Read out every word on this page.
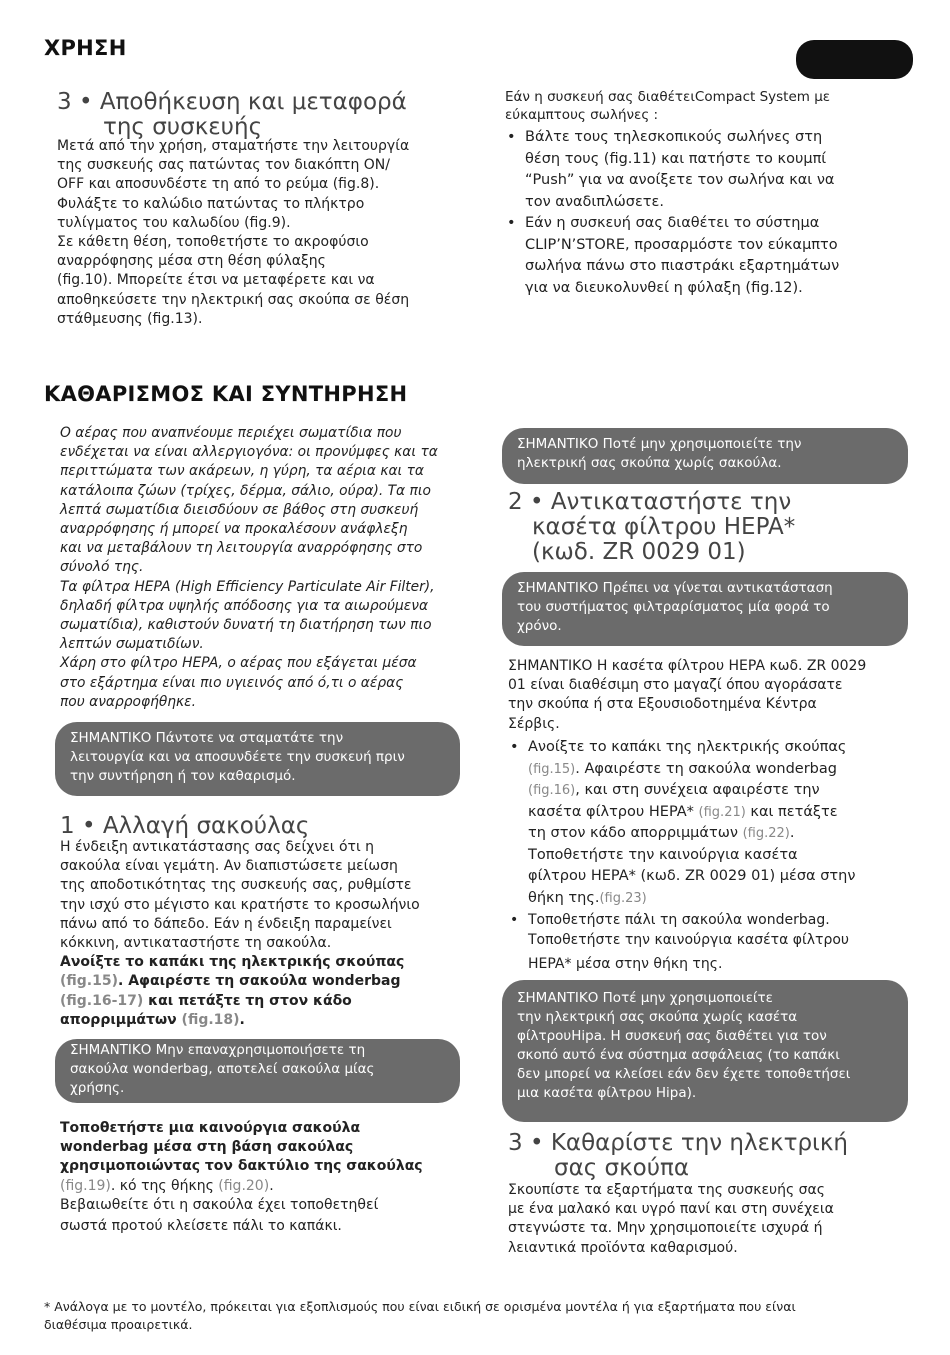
ΧΡΗΣΗ
3 • Αποθήκευση και μεταφορά
της συσκευής

Μετά από την χρήση, σταματήστε την λειτουργία

της συσκευής σας πατώντας τον διακόπτη ON/

OFF και αποσυνδέστε τη από το ρεύμα (fig.8).

Φυλάξτε το καλώδιο πατώντας το πλήκτρο

τυλίγματος του καλωδίου (fig.9).

Σε κάθετη θέση, τοποθετήστε το ακροφύσιο

αναρρόφησης μέσα στη θέση φύλαξης

(fig.10). Μπορείτε έτσι να μεταφέρετε και να

αποθηκεύσετε την ηλεκτρική σας σκούπα σε θέση

στάθμευσης (fig.13).

Εάν η συσκευή σας διαθέτειCompact System με

εύκαμπτους σωλήνες :

• Βάλτε τους τηλεσκοπικούς σωλήνες στη
θέση τους (fig.11) και πατήστε το κουμπί
“Push” για να ανοίξετε τον σωλήνα και να
τον αναδιπλώσετε.
• Εάν η συσκευή σας διαθέτει το σύστημα
CLIP’N’STORE, προσαρμόστε τον εύκαμπτο
σωλήνα πάνω στο πιαστράκι εξαρτημάτων
για να διευκολυνθεί η φύλαξη (fig.12).
ΚΑΘΑΡΙΣΜΟΣ ΚΑΙ ΣΥΝΤΗΡΗΣΗ

Ο αέρας που αναπνέουμε περιέχει σωματίδια που

ενδέχεται να είναι αλλεργιογόνα: οι προνύμφες και τα

περιττώματα των ακάρεων, η γύρη, τα αέρια και τα

κατάλοιπα ζώων (τρίχες, δέρμα, σάλιο, ούρα). Τα πιο

λεπτά σωματίδια διεισδύουν σε βάθος στη συσκευή

αναρρόφησης ή μπορεί να προκαλέσουν ανάφλεξη

και να μεταβάλουν τη λειτουργία αναρρόφησης στο

σύνολό της.

Τα φίλτρα HEPA (High Efficiency Particulate Air Filter),

δηλαδή φίλτρα υψηλής απόδοσης για τα αιωρούμενα

σωματίδια), καθιστούν δυνατή τη διατήρηση των πιο

λεπτών σωματιδίων.

Χάρη στο φίλτρο HEPA, ο αέρας που εξάγεται μέσα

στο εξάρτημα είναι πιο υγιεινός από ό,τι ο αέρας

που αναρροφήθηκε.

ΣΗΜΑΝΤΙΚΟ Πάντοτε να σταματάτε την
λειτουργία και να αποσυνδέετε την συσκευή πριν
την συντήρηση ή τον καθαρισμό.
1 • Αλλαγή σακούλας

Η ένδειξη αντικατάστασης σας δείχνει ότι η

σακούλα είναι γεμάτη. Αν διαπιστώσετε μείωση

της αποδοτικότητας της συσκευής σας, ρυθμίστε

την ισχύ στο μέγιστο και κρατήστε το κροσωλήνιο

πάνω από το δάπεδο. Εάν η ένδειξη παραμείνει

κόκκινη, αντικαταστήστε τη σακούλα.

Ανοίξτε το καπάκι της ηλεκτρικής σκούπας

(fig.15). Αφαιρέστε τη σακούλα wonderbag

(fig.16-17) και πετάξτε τη στον κάδο

απορριμμάτων (fig.18).

ΣΗΜΑΝΤΙΚΟ Μην επαναχρησιμοποιήσετε τη
σακούλα wonderbag, αποτελεί σακούλα μίας
χρήσης.

Τοποθετήστε μια καινούργια σακούλα

wonderbag μέσα στη βάση σακούλας

χρησιμοποιώντας τον δακτύλιο της σακούλας

(fig.19). κό της θήκης (fig.20).

Βεβαιωθείτε ότι η σακούλα έχει τοποθετηθεί

σωστά προτού κλείσετε πάλι το καπάκι.

ΣΗΜΑΝΤΙΚΟ Ποτέ μην χρησιμοποιείτε την
ηλεκτρική σας σκούπα χωρίς σακούλα.
2 • Αντικαταστήστε την
κασέτα φίλτρου HEPA*
(κωδ. ZR 0029 01)
ΣΗΜΑΝΤΙΚΟ Πρέπει να γίνεται αντικατάσταση
του συστήματος φιλτραρίσματος μία φορά το
χρόνο.

ΣΗΜΑΝΤΙΚΟ Η κασέτα φίλτρου HEPA κωδ. ZR 0029

01 είναι διαθέσιμη στο μαγαζί όπου αγοράσατε

την σκούπα ή στα Εξουσιοδοτημένα Κέντρα

Σέρβις.

• Ανοίξτε το καπάκι της ηλεκτρικής σκούπας
(fig.15). Αφαιρέστε τη σακούλα wonderbag
(fig.16), και στη συνέχεια αφαιρέστε την
κασέτα φίλτρου HEPA* (fig.21) και πετάξτε
τη στον κάδο απορριμμάτων (fig.22).
Τοποθετήστε την καινούργια κασέτα
φίλτρου HEPA* (κωδ. ZR 0029 01) μέσα στην
θήκη της.(fig.23)
• Τοποθετήστε πάλι τη σακούλα wonderbag.
Τοποθετήστε την καινούργια κασέτα φίλτρου
HEPA* μέσα στην θήκη της.
ΣΗΜΑΝΤΙΚΟ Ποτέ μην χρησιμοποιείτε
την ηλεκτρική σας σκούπα χωρίς κασέτα
φίλτρουHipa. Η συσκευή σας διαθέτει για τον
σκοπό αυτό ένα σύστημα ασφάλειας (το καπάκι
δεν μπορεί να κλείσει εάν δεν έχετε τοποθετήσει
μια κασέτα φίλτρου Hipa).
3 • Καθαρίστε την ηλεκτρική
σας σκούπα

Σκουπίστε τα εξαρτήματα της συσκευής σας

με ένα μαλακό και υγρό πανί και στη συνέχεια

στεγνώστε τα. Μην χρησιμοποιείτε ισχυρά ή

λειαντικά προϊόντα καθαρισμού.

* Ανάλογα με το μοντέλο, πρόκειται για εξοπλισμούς που είναι ειδική σε ορισμένα μοντέλα ή για εξαρτήματα που είναι

διαθέσιμα προαιρετικά.
